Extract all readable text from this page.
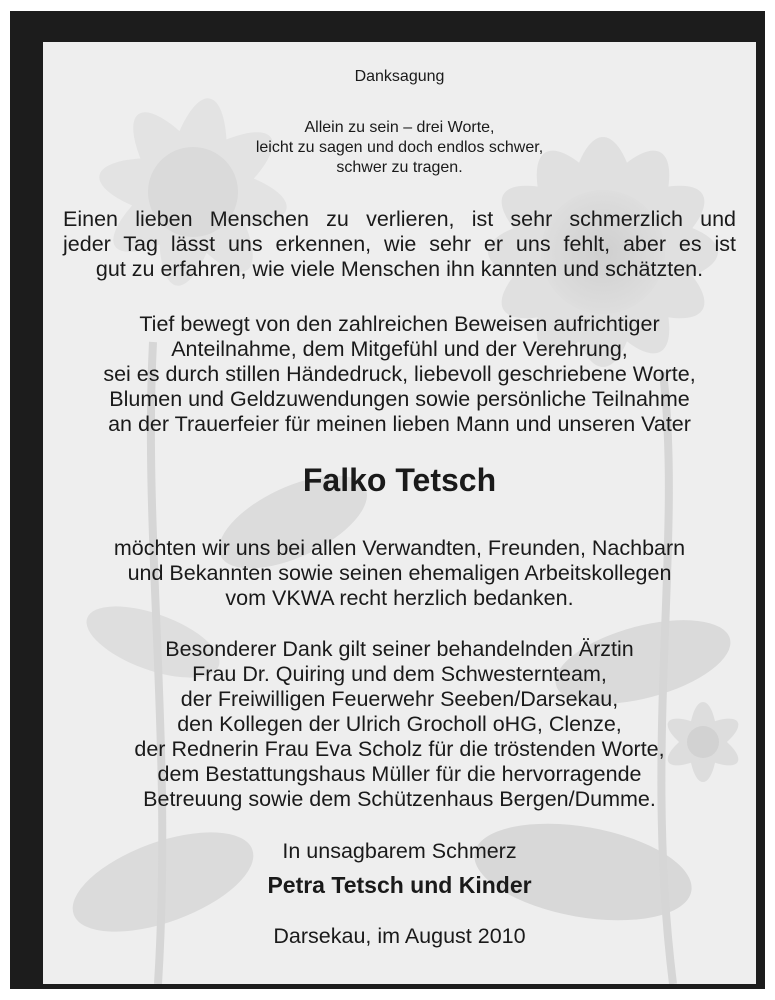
Danksagung
Allein zu sein – drei Worte,
leicht zu sagen und doch endlos schwer,
schwer zu tragen.
Einen lieben Menschen zu verlieren, ist sehr schmerzlich und
jeder Tag lässt uns erkennen, wie sehr er uns fehlt, aber es ist
gut zu erfahren, wie viele Menschen ihn kannten und schätzten.
Tief bewegt von den zahlreichen Beweisen aufrichtiger
Anteilnahme, dem Mitgefühl und der Verehrung,
sei es durch stillen Händedruck, liebevoll geschriebene Worte,
Blumen und Geldzuwendungen sowie persönliche Teilnahme
an der Trauerfeier für meinen lieben Mann und unseren Vater
Falko Tetsch
möchten wir uns bei allen Verwandten, Freunden, Nachbarn
und Bekannten sowie seinen ehemaligen Arbeitskollegen
vom VKWA recht herzlich bedanken.
Besonderer Dank gilt seiner behandelnden Ärztin
Frau Dr. Quiring und dem Schwesternteam,
der Freiwilligen Feuerwehr Seeben/Darsekau,
den Kollegen der Ulrich Grocholl oHG, Clenze,
der Rednerin Frau Eva Scholz für die tröstenden Worte,
dem Bestattungshaus Müller für die hervorragende
Betreuung sowie dem Schützenhaus Bergen/Dumme.
In unsagbarem Schmerz
Petra Tetsch und Kinder
Darsekau, im August 2010
